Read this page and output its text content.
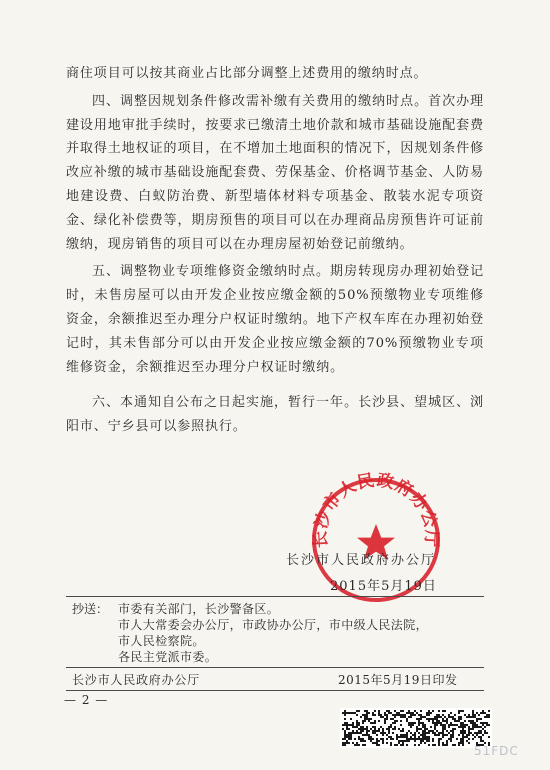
商住项目可以按其商业占比部分调整上述费用的缴纳时点。

四、调整因规划条件修改需补缴有关费用的缴纳时点。首次办理建设用地审批手续时，按要求已缴清土地价款和城市基础设施配套费并取得土地权证的项目，在不增加土地面积的情况下，因规划条件修改应补缴的城市基础设施配套费、劳保基金、价格调节基金、人防易地建设费、白蚁防治费、新型墙体材料专项基金、散装水泥专项资金、绿化补偿费等，期房预售的项目可以在办理商品房预售许可证前缴纳，现房销售的项目可以在办理房屋初始登记前缴纳。

五、调整物业专项维修资金缴纳时点。期房转现房办理初始登记时，未售房屋可以由开发企业按应缴金额的50%预缴物业专项维修资金，余额推迟至办理分户权证时缴纳。地下产权车库在办理初始登记时，其未售部分可以由开发企业按应缴金额的70%预缴物业专项维修资金，余额推迟至办理分户权证时缴纳。

六、本通知自公布之日起实施，暂行一年。长沙县、望城区、浏阳市、宁乡县可以参照执行。

长沙市人民政府办公厅
长沙市人民政府办公厅
2015年5月19日
抄送： 市委有关部门，长沙警备区。
市人大常委会办公厅，市政协办公厅，市中级人民法院，
市人民检察院。
各民主党派市委。
长沙市人民政府办公厅	2015年5月19日印发
— 2 —
51FDC
